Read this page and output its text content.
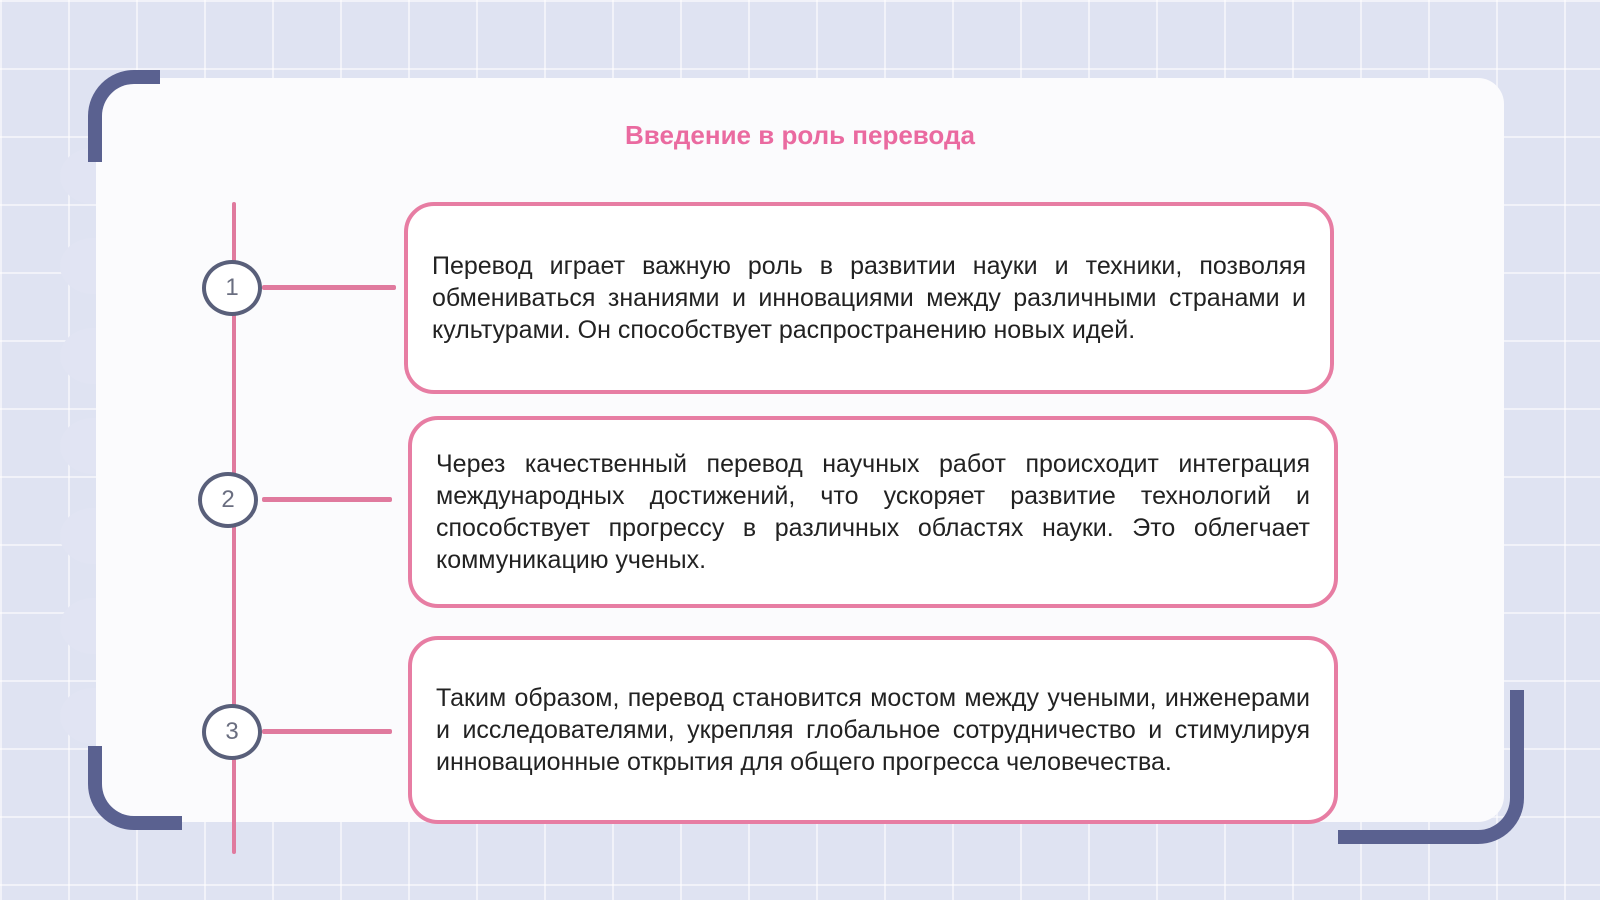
Введение в роль перевода
1
Перевод играет важную роль в развитии науки и техники, позволяя обмениваться знаниями и инновациями между различными странами и культурами. Он способствует распространению новых идей.
2
Через качественный перевод научных работ происходит интеграция международных достижений, что ускоряет развитие технологий и способствует прогрессу в различных областях науки. Это облегчает коммуникацию ученых.
3
Таким образом, перевод становится мостом между учеными, инженерами и исследователями, укрепляя глобальное сотрудничество и стимулируя инновационные открытия для общего прогресса человечества.
